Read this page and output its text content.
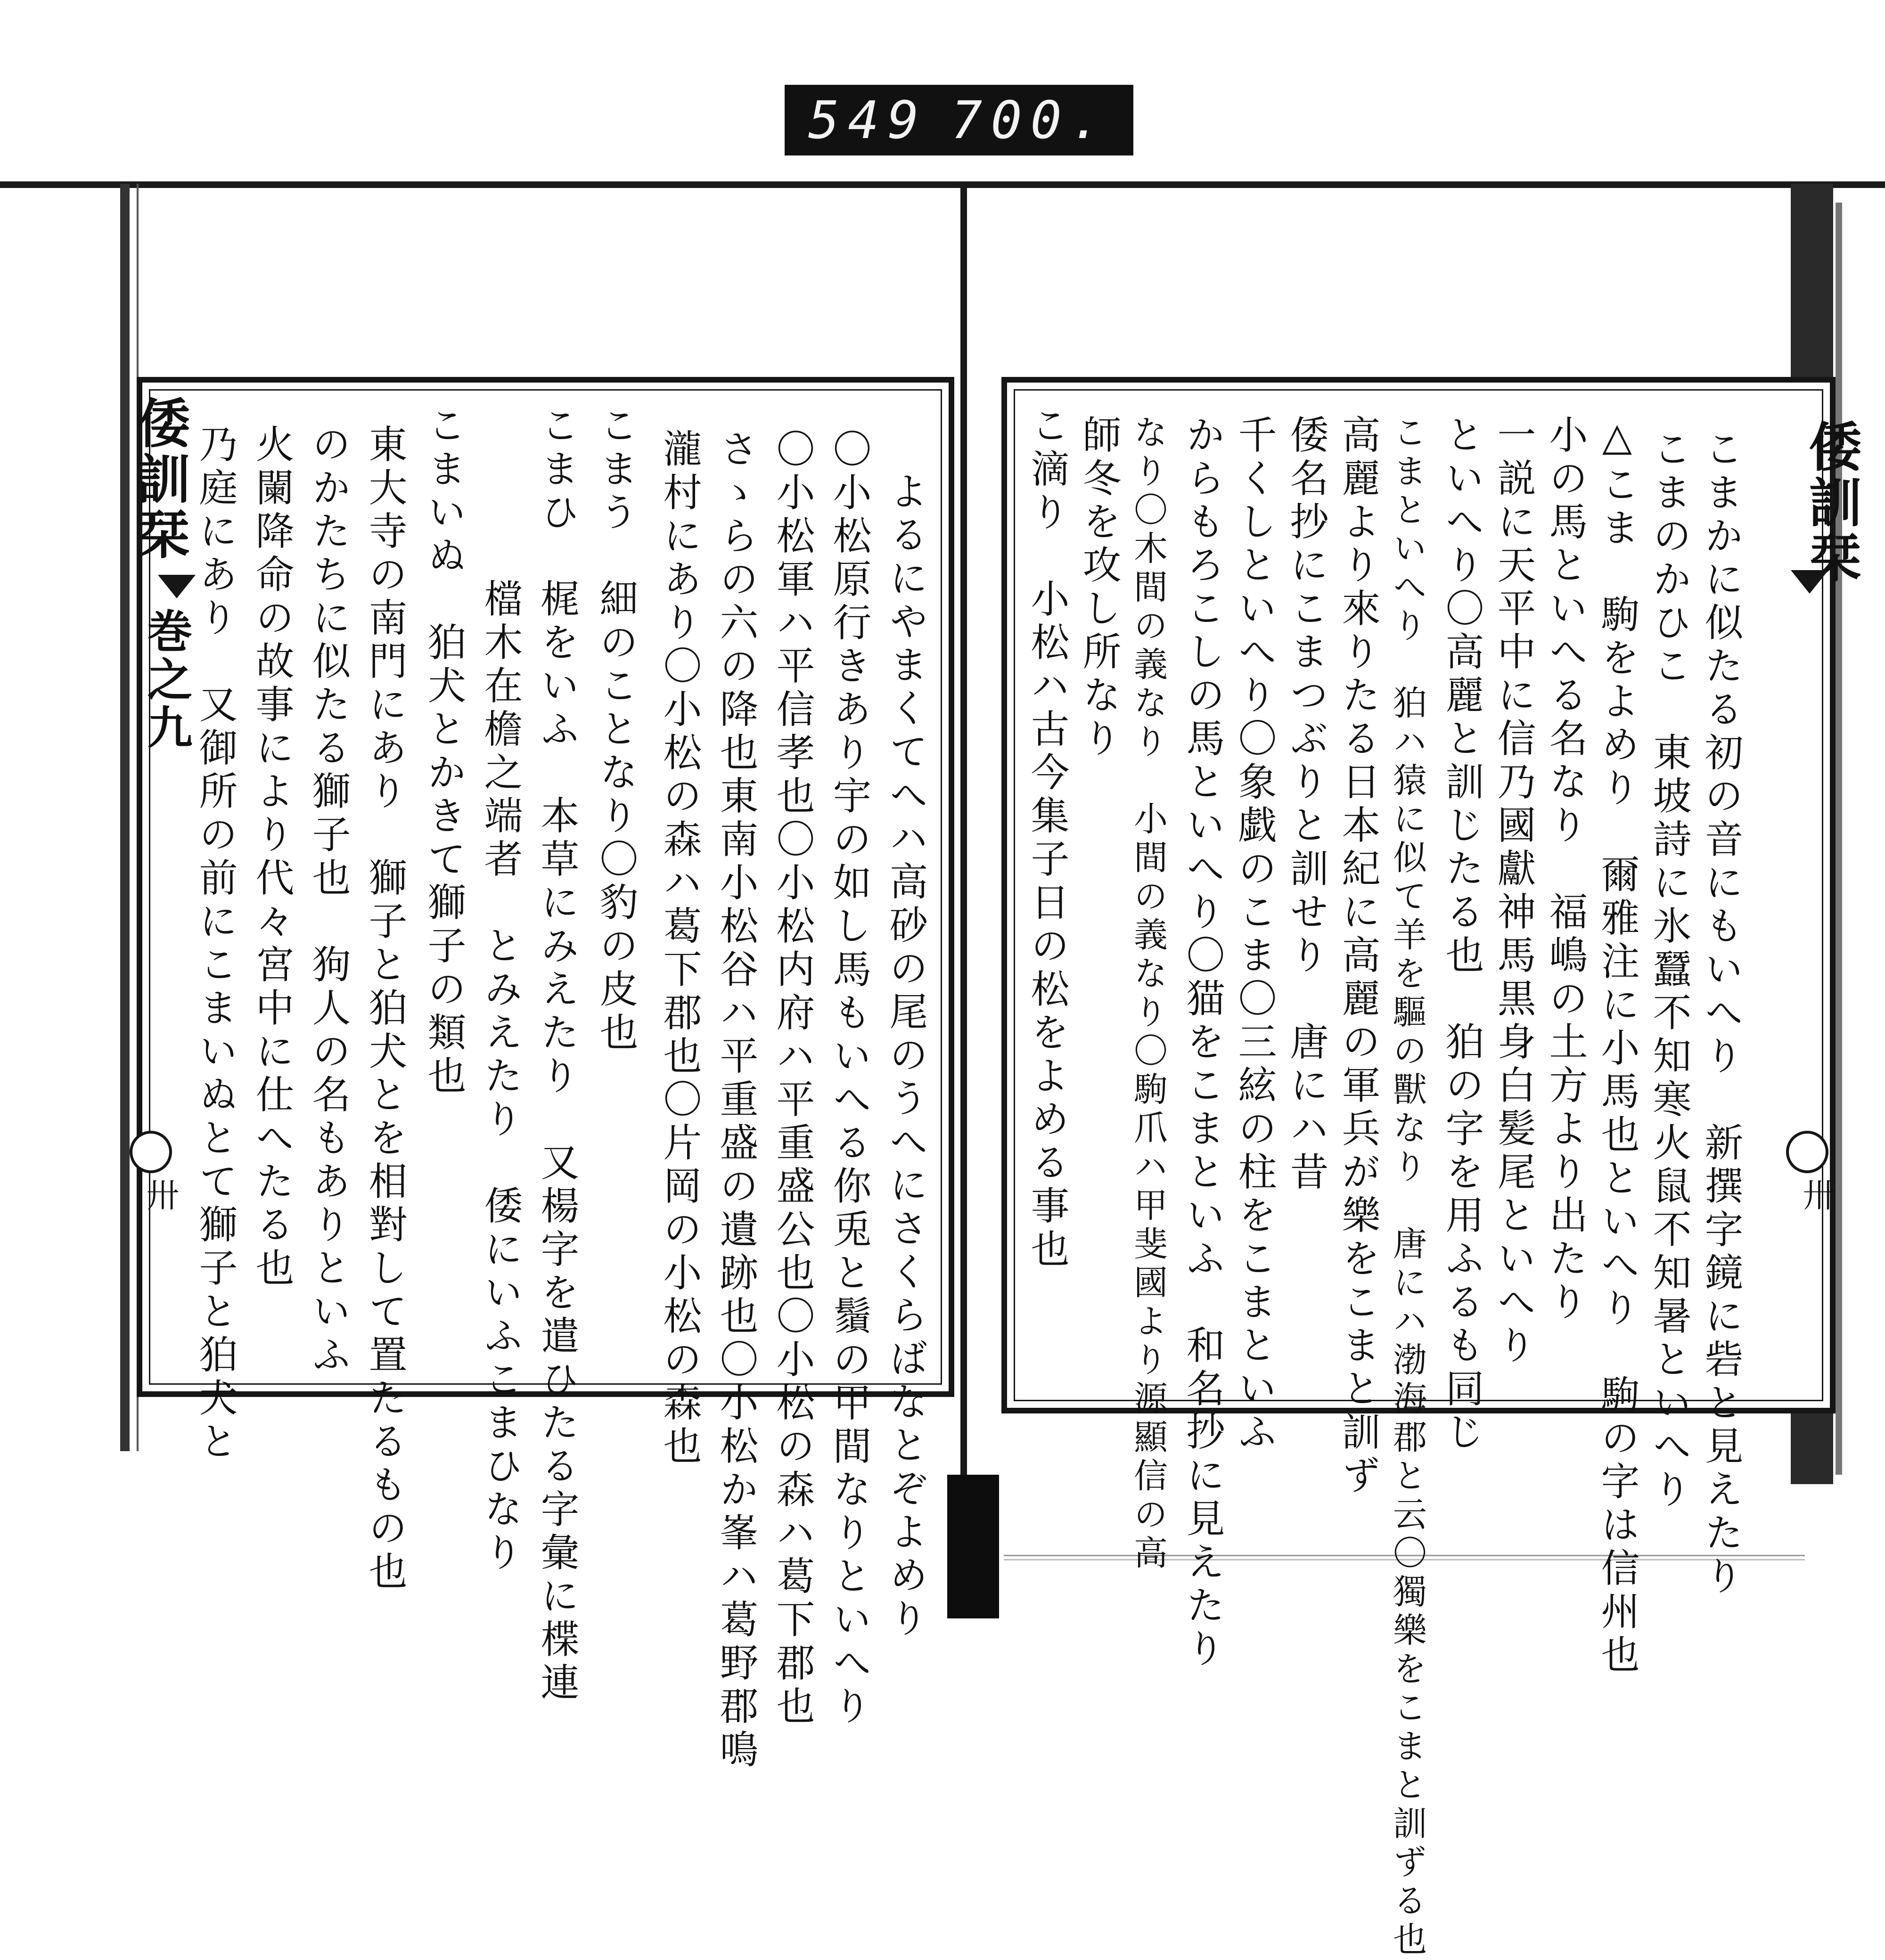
549 700.
倭訓栞
巻之九
卅	よるにやまくてへハ高砂の尾のうへにさくらばなとぞよめり
〇小松原行きあり宇の如し馬もいへる你兎と鬚の甲間なりといへり
〇小松軍ハ平信孝也〇小松内府ハ平重盛公也〇小松の森ハ葛下郡也
さゝらの六の降也東南小松谷ハ平重盛の遺跡也〇小松か峯ハ葛野郡鳴
瀧村にあり〇小松の森ハ葛下郡也〇片岡の小松の森也
こまう　細のことなり〇豹の皮也
こまひ　梶をいふ　本草にみえたり　又楊字を遣ひたる字彙に楪連
　　　　檔木在檐之端者　とみえたり　倭にいふこまひなり
こまいぬ　狛犬とかきて獅子の類也
東大寺の南門にあり　獅子と狛犬とを相對して置たるもの也
のかたちに似たる獅子也　狗人の名もありといふ
火闌降命の故事により代々宮中に仕へたる也
乃庭にあり　又御所の前にこまいぬとて獅子と狛犬と	倭訓栞
卅
こまかに似たる初の音にもいへり　新撰字鏡に砦と見えたり
こまのかひこ　東坡詩に氷蠶不知寒火鼠不知暑といへり
△こま　駒をよめり　爾雅注に小馬也といへり　駒の字は信州也
小の馬といへる名なり　福嶋の土方より出たり
一説に天平中に信乃國獻神馬黒身白髪尾といへり
といへり〇高麗と訓じたる也　狛の字を用ふるも同じ
こまといへり　狛ハ猿に似て羊を驅の獸なり　唐にハ渤海郡と云〇獨樂をこまと訓ずる也
高麗より來りたる日本紀に高麗の軍兵が樂をこまと訓ず
倭名抄にこまつぶりと訓せり　唐にハ昔
千くしといへり〇象戯のこま〇三絃の柱をこまといふ
からもろこしの馬といへり〇猫をこまといふ　和名抄に見えたり
なり〇木間の義なり　小間の義なり〇駒爪ハ甲斐國より源顯信の高
師冬を攻し所なり
こ滴り　小松ハ古今集子日の松をよめる事也
